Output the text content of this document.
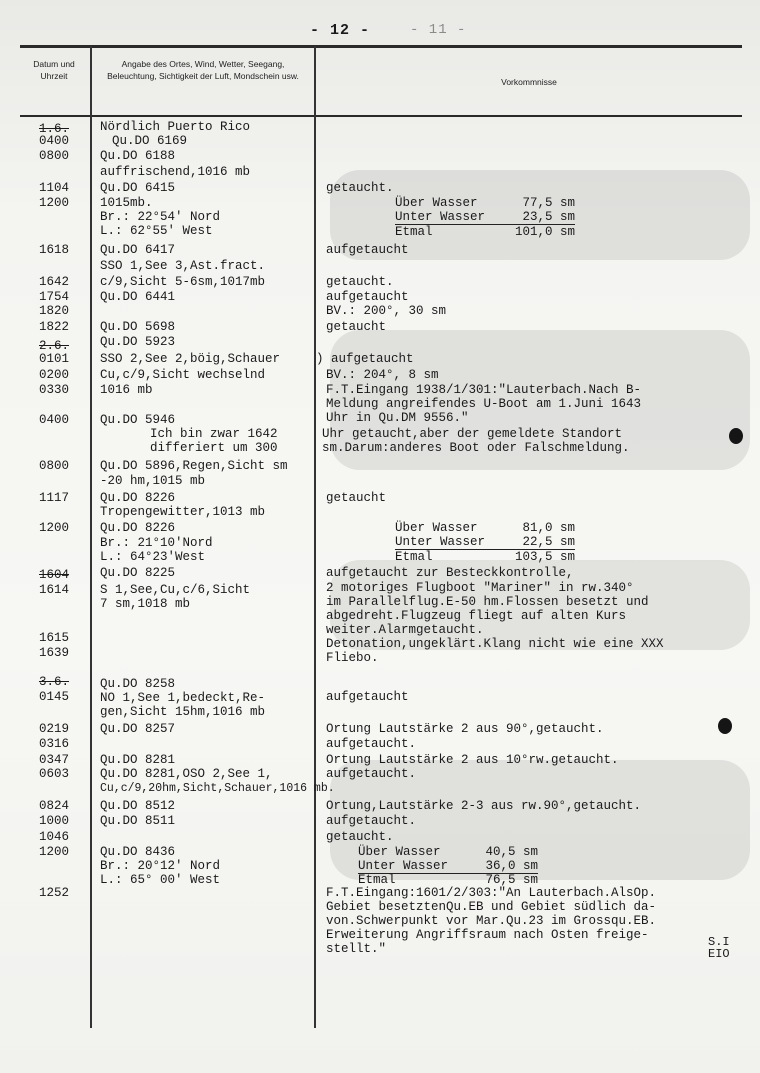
- 12 -	- 11 -
Datum und Uhrzeit
Angabe des Ortes, Wind, Wetter, Seegang, Beleuchtung, Sichtigkeit der Luft, Mondschein usw.
Vorkommnisse
1.6.
0400
0800
1104
1200
1618
1642
1754
1820
1822
2.6.
0101
0200
0330
0400
0800
1117
1200
1604
1614
1615
1639
3.6.
0145
0219
0316
0347
0603
0824
1000
1046
1200
1252
Nördlich Puerto Rico
Qu.DO 6169
Qu.DO 6188
auffrischend,1016 mb
Qu.DO 6415
1015mb.
Br.: 22°54' Nord
L.: 62°55' West
Qu.DO 6417
SSO 1,See 3,Ast.fract.
c/9,Sicht 5-6sm,1017mb
Qu.DO 6441
Qu.DO 5698
Qu.DO 5923
SSO 2,See 2,böig,Schauer
Cu,c/9,Sicht wechselnd
1016 mb
Qu.DO 5946
Ich bin zwar 1642
differiert um 300
Qu.DO 5896,Regen,Sicht sm
-20 hm,1015 mb
Qu.DO 8226
Tropengewitter,1013 mb
Qu.DO 8226
Br.: 21°10'Nord
L.: 64°23'West
Qu.DO 8225
S 1,See,Cu,c/6,Sicht
7 sm,1018 mb
Qu.DO 8258
NO 1,See 1,bedeckt,Re-
gen,Sicht 15hm,1016 mb
Qu.DO 8257
Qu.DO 8281
Qu.DO 8281,OSO 2,See 1,
Cu,c/9,20hm,Sicht,Schauer,1016 mb.
Qu.DO 8512
Qu.DO 8511
Qu.DO 8436
Br.: 20°12' Nord
L.: 65° 00' West
getaucht.
Über Wasser      77,5 sm
Unter Wasser     23,5 sm
Etmal           101,0 sm
aufgetaucht
getaucht.
aufgetaucht
BV.: 200°, 30 sm
getaucht
) aufgetaucht
BV.: 204°, 8 sm
F.T.Eingang 1938/1/301:"Lauterbach.Nach B-
Meldung angreifendes U-Boot am 1.Juni 1643
Uhr in Qu.DM 9556."
Uhr getaucht,aber der gemeldete Standort
sm.Darum:anderes Boot oder Falschmeldung.
getaucht
Über Wasser      81,0 sm
Unter Wasser     22,5 sm
Etmal           103,5 sm
aufgetaucht zur Besteckkontrolle,
2 motoriges Flugboot "Mariner" in rw.340°
im Parallelflug.E-50 hm.Flossen besetzt und
abgedreht.Flugzeug fliegt auf alten Kurs
weiter.Alarmgetaucht.
Detonation,ungeklärt.Klang nicht wie eine XXX
Fliebo.
aufgetaucht
Ortung Lautstärke 2 aus 90°,getaucht.
aufgetaucht.
Ortung Lautstärke 2 aus 10°rw.getaucht.
aufgetaucht.
Ortung,Lautstärke 2-3 aus rw.90°,getaucht.
aufgetaucht.
getaucht.
Über Wasser      40,5 sm
Unter Wasser     36,0 sm
Etmal            76,5 sm
F.T.Eingang:1601/2/303:"An Lauterbach.AlsOp.
Gebiet besetztenQu.EB und Gebiet südlich da-
von.Schwerpunkt vor Mar.Qu.23 im Grossqu.EB.
Erweiterung Angriffsraum nach Osten freige-
stellt."	S.I
EIO
